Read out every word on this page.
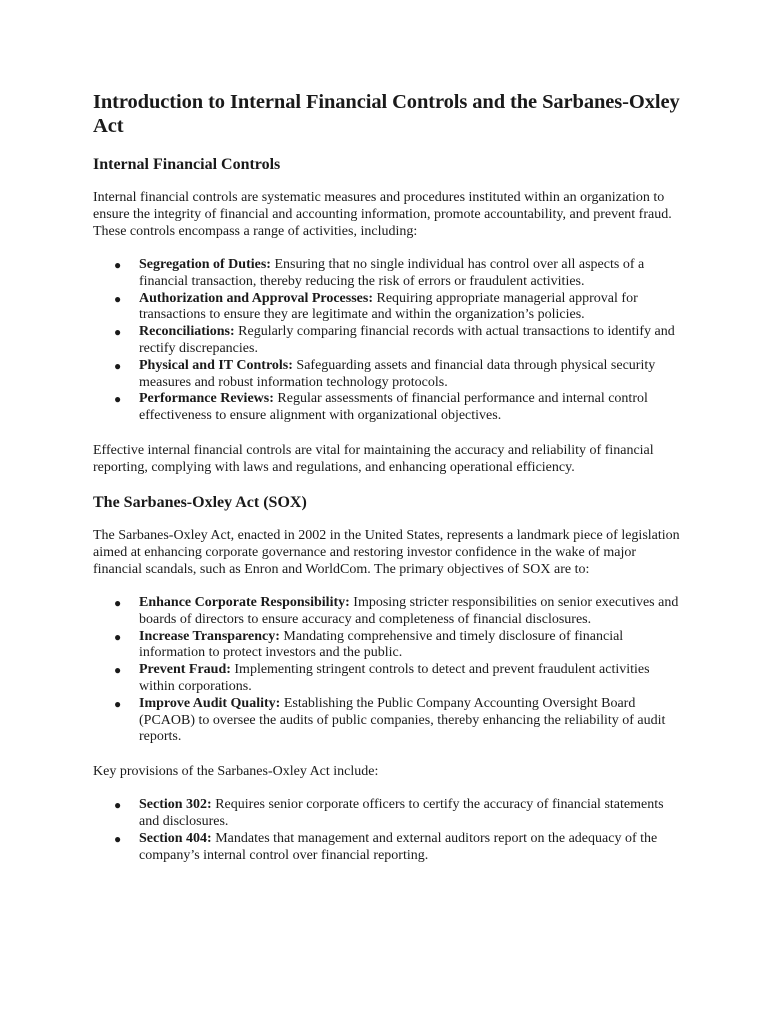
Introduction to Internal Financial Controls and the Sarbanes-Oxley Act
Internal Financial Controls

Internal financial controls are systematic measures and procedures instituted within an organization to ensure the integrity of financial and accounting information, promote accountability, and prevent fraud. These controls encompass a range of activities, including:

● Segregation of Duties: Ensuring that no single individual has control over all aspects of a financial transaction, thereby reducing the risk of errors or fraudulent activities.
● Authorization and Approval Processes: Requiring appropriate managerial approval for transactions to ensure they are legitimate and within the organization’s policies.
● Reconciliations: Regularly comparing financial records with actual transactions to identify and rectify discrepancies.
● Physical and IT Controls: Safeguarding assets and financial data through physical security measures and robust information technology protocols.
● Performance Reviews: Regular assessments of financial performance and internal control effectiveness to ensure alignment with organizational objectives.

Effective internal financial controls are vital for maintaining the accuracy and reliability of financial reporting, complying with laws and regulations, and enhancing operational efficiency.

The Sarbanes-Oxley Act (SOX)

The Sarbanes-Oxley Act, enacted in 2002 in the United States, represents a landmark piece of legislation aimed at enhancing corporate governance and restoring investor confidence in the wake of major financial scandals, such as Enron and WorldCom. The primary objectives of SOX are to:

● Enhance Corporate Responsibility: Imposing stricter responsibilities on senior executives and boards of directors to ensure accuracy and completeness of financial disclosures.
● Increase Transparency: Mandating comprehensive and timely disclosure of financial information to protect investors and the public.
● Prevent Fraud: Implementing stringent controls to detect and prevent fraudulent activities within corporations.
● Improve Audit Quality: Establishing the Public Company Accounting Oversight Board (PCAOB) to oversee the audits of public companies, thereby enhancing the reliability of audit reports.

Key provisions of the Sarbanes-Oxley Act include:

● Section 302: Requires senior corporate officers to certify the accuracy of financial statements and disclosures.
● Section 404: Mandates that management and external auditors report on the adequacy of the company’s internal control over financial reporting.
